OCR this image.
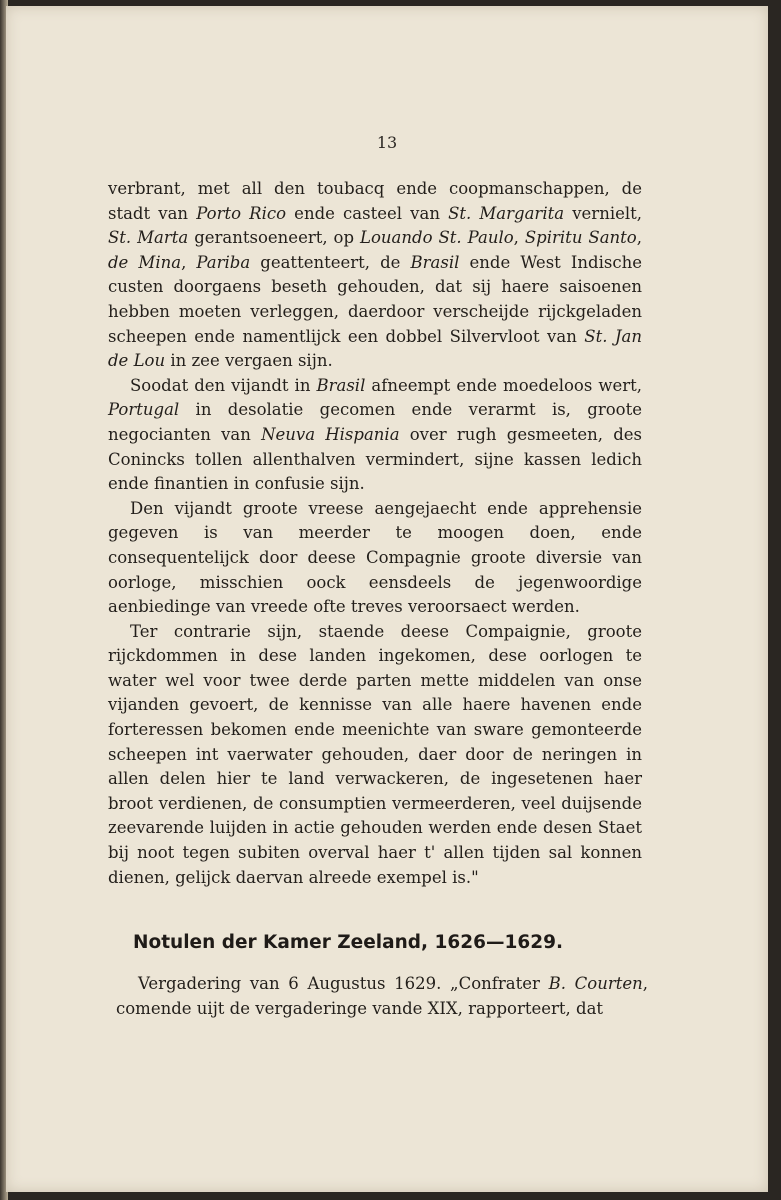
13

verbrant, met all den toubacq ende coopmanschappen, de stadt van Porto Rico ende casteel van St. Margarita vernielt, St. Marta gerantsoeneert, op Louando St. Paulo, Spiritu Santo, de Mina, Pariba geattenteert, de Brasil ende West Indische custen doorgaens beseth gehouden, dat sij haere saisoenen hebben moeten verleggen, daerdoor verscheijde rijckgeladen scheepen ende namentlijck een dobbel Silvervloot van St. Jan de Lou in zee vergaen sijn.

Soodat den vijandt in Brasil afneempt ende moedeloos wert, Portugal in desolatie gecomen ende verarmt is, groote negocianten van Neuva Hispania over rugh gesmeeten, des Conincks tollen allenthalven vermindert, sijne kassen ledich ende finantien in confusie sijn.

Den vijandt groote vreese aengejaecht ende apprehensie gegeven is van meerder te moogen doen, ende consequentelijck door deese Compagnie groote diversie van oorloge, misschien oock eensdeels de jegenwoordige aenbiedinge van vreede ofte treves veroorsaect werden.

Ter contrarie sijn, staende deese Compaignie, groote rijckdommen in dese landen ingekomen, dese oorlogen te water wel voor twee derde parten mette middelen van onse vijanden gevoert, de kennisse van alle haere havenen ende forteressen bekomen ende meenichte van sware gemonteerde scheepen int vaerwater gehouden, daer door de neringen in allen delen hier te land verwackeren, de ingesetenen haer broot verdienen, de consumptien vermeerderen, veel duijsende zeevarende luijden in actie gehouden werden ende desen Staet bij noot tegen subiten overval haer t' allen tijden sal konnen dienen, gelijck daervan alreede exempel is."

Notulen der Kamer Zeeland, 1626—1629.

Vergadering van 6 Augustus 1629. „Confrater B. Courten, comende uijt de vergaderinge vande XIX, rapporteert, dat
